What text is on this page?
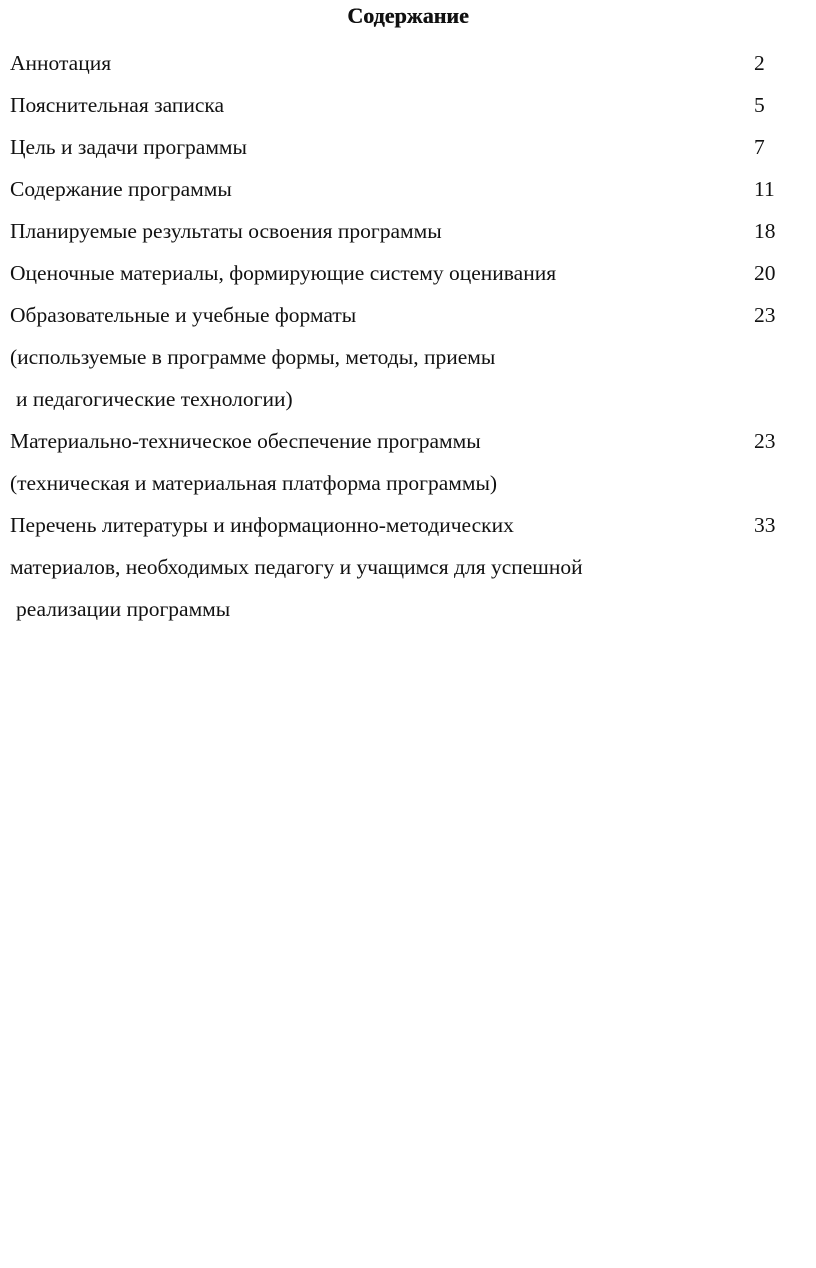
Содержание
Аннотация	2
Пояснительная записка	5
Цель и задачи программы	7
Содержание программы	11
Планируемые результаты освоения программы	18
Оценочные материалы, формирующие систему оценивания	20
Образовательные и учебные форматы	23
(используемые в программе формы, методы, приемы
и педагогические технологии)
Материально-техническое обеспечение программы	23
(техническая и материальная платформа программы)
Перечень литературы и информационно-методических	33
материалов, необходимых педагогу и учащимся для успешной
реализации программы
